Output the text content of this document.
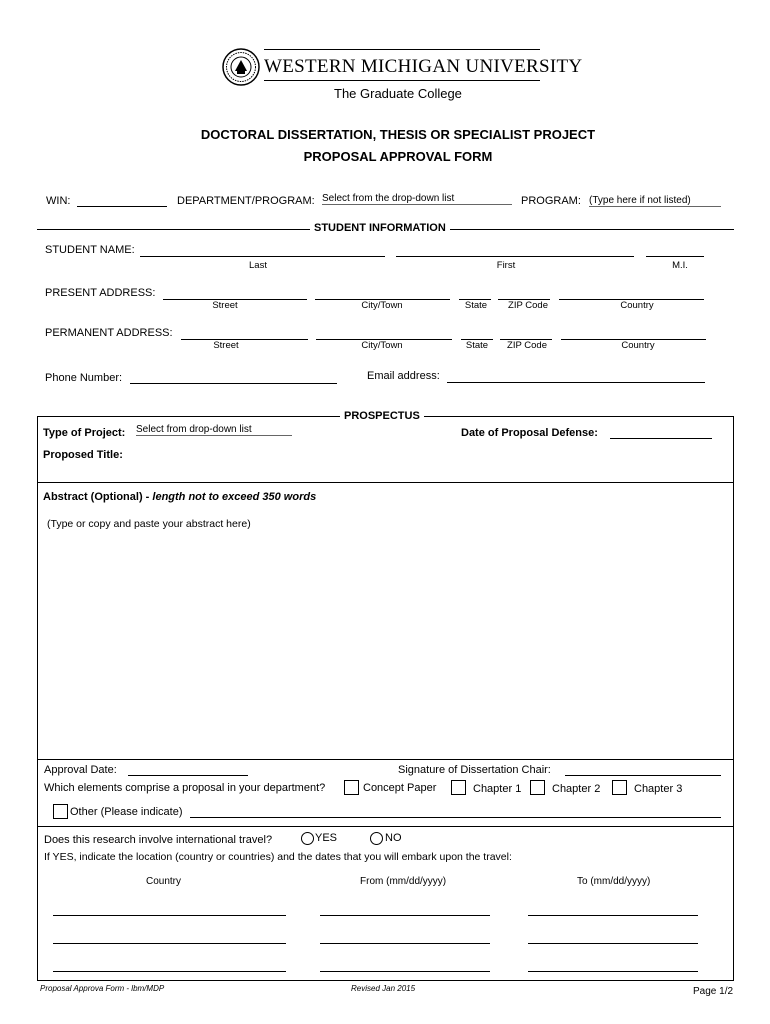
WESTERN MICHIGAN UNIVERSITY
The Graduate College
DOCTORAL DISSERTATION, THESIS OR SPECIALIST PROJECT
PROPOSAL APPROVAL FORM
WIN:	DEPARTMENT/PROGRAM: Select from the drop-down list	PROGRAM: (Type here if not listed)
STUDENT INFORMATION
STUDENT NAME:
Last	First	M.I.
PRESENT ADDRESS:
Street	City/Town	State	ZIP Code	Country
PERMANENT ADDRESS:
Street	City/Town	State	ZIP Code	Country
Phone Number:	Email address:
PROSPECTUS
Type of Project: Select from drop-down list	Date of Proposal Defense:
Proposed Title:
Abstract (Optional) - length not to exceed 350 words
(Type or copy and paste your abstract here)
Approval Date:	Signature of Dissertation Chair:
Which elements comprise a proposal in your department?	Concept Paper	Chapter 1	Chapter 2	Chapter 3
Other (Please indicate)
Does this research involve international travel?	YES	NO
If YES, indicate the location (country or countries) and the dates that you will embark upon the travel:
Country	From (mm/dd/yyyy)	To (mm/dd/yyyy)
Proposal Approva Form - lbm/MDP	Revised Jan 2015	Page 1/2
